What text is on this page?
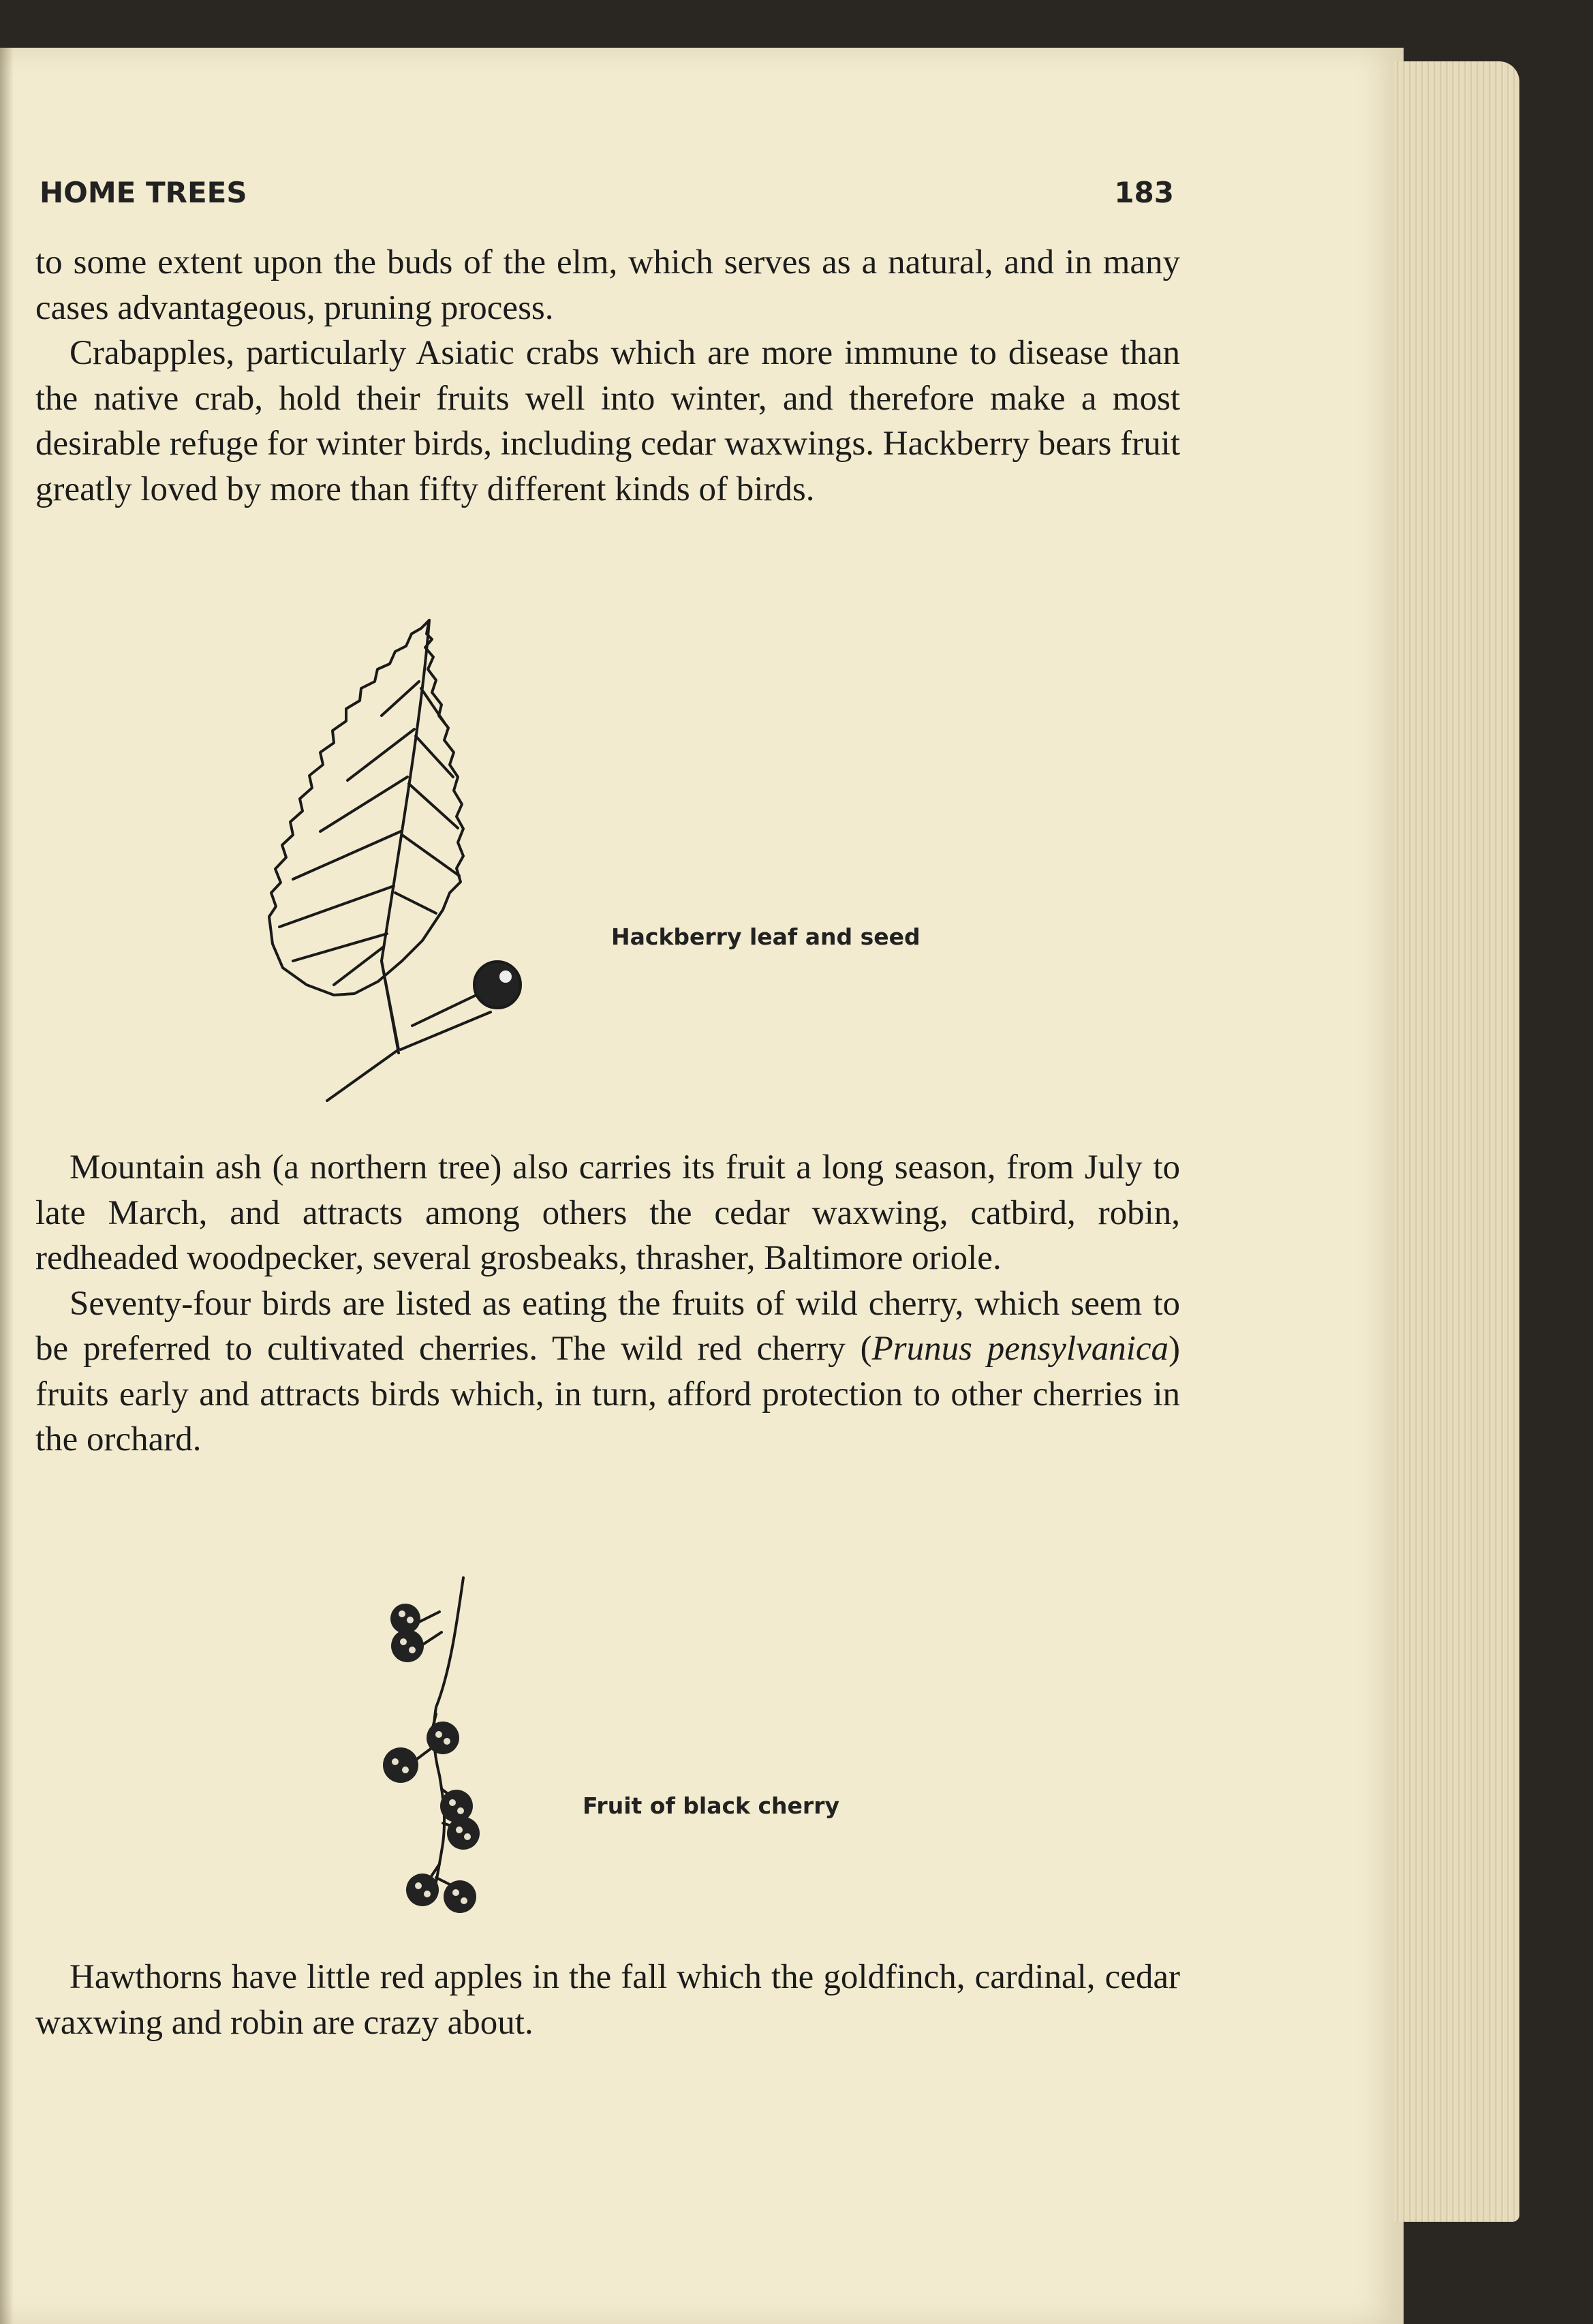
HOME TREES	183

to some extent upon the buds of the elm, which serves as a natural, and in many cases advantageous, pruning process.

Crabapples, particularly Asiatic crabs which are more immune to disease than the native crab, hold their fruits well into winter, and therefore make a most desirable refuge for winter birds, including cedar waxwings. Hackberry bears fruit greatly loved by more than fifty different kinds of birds.

Hackberry leaf and seed

Mountain ash (a northern tree) also carries its fruit a long season, from July to late March, and attracts among others the cedar waxwing, catbird, robin, redheaded woodpecker, several grosbeaks, thrasher, Baltimore oriole.

Seventy-four birds are listed as eating the fruits of wild cherry, which seem to be preferred to cultivated cherries. The wild red cherry (Prunus pensylvanica) fruits early and attracts birds which, in turn, afford protection to other cherries in the orchard.

Fruit of black cherry

Hawthorns have little red apples in the fall which the goldfinch, cardinal, cedar waxwing and robin are crazy about.
